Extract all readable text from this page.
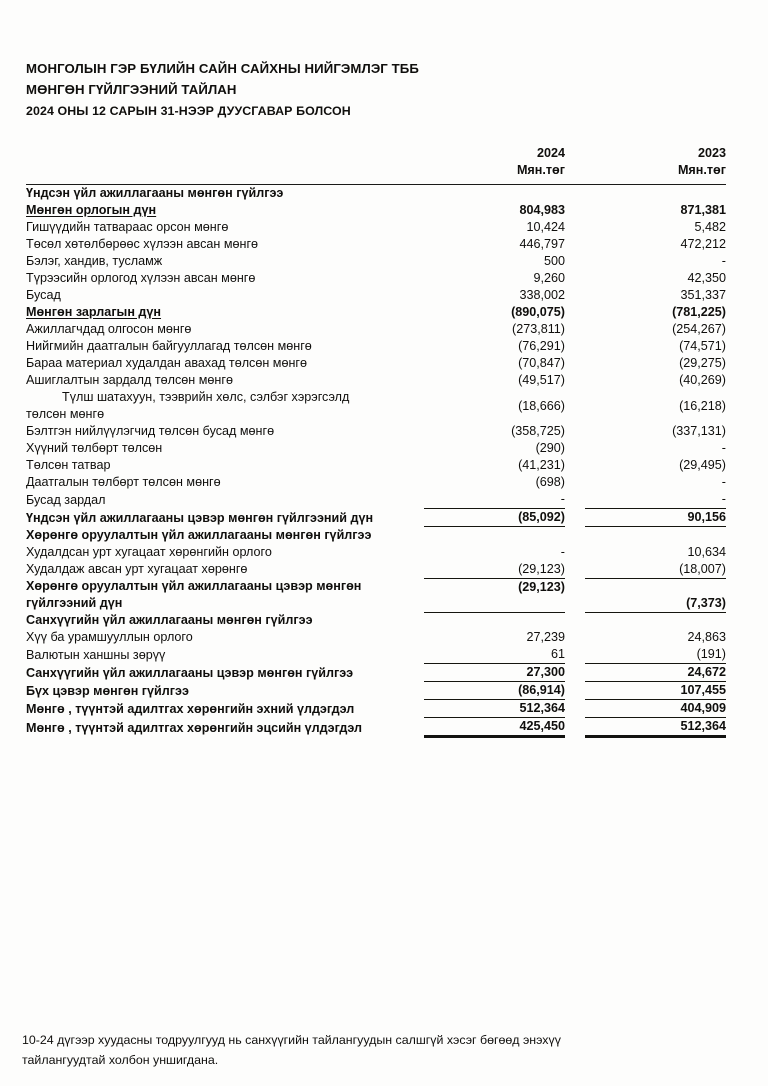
МОНГОЛЫН ГЭР БҮЛИЙН САЙН САЙХНЫ НИЙГЭМЛЭГ ТББ
МӨНГӨН ГҮЙЛГЭЭНИЙ ТАЙЛАН
2024 ОНЫ 12 САРЫН 31-НЭЭР ДУУСГАВАР БОЛСОН
	2024		2023
	Мян.төг		Мян.төг

Үндсэн үйл ажиллагааны мөнгөн гүйлгээ			
Мөнгөн орлогын дүн	804,983		871,381
Гишүүдийн татвараас орсон мөнгө	10,424		5,482
Төсөл хөтөлбөрөөс хүлээн авсан мөнгө	446,797		472,212
Бэлэг, хандив, тусламж	500		-
Түрээсийн орлогод хүлээн авсан мөнгө	9,260		42,350
Бусад	338,002		351,337
Мөнгөн зарлагын дүн	(890,075)		(781,225)
Ажиллагчдад олгосон мөнгө	(273,811)		(254,267)
Нийгмийн даатгалын байгууллагад төлсөн мөнгө	(76,291)		(74,571)
Бараа материал худалдан авахад төлсөн мөнгө	(70,847)		(29,275)
Ашиглалтын зардалд төлсөн мөнгө	(49,517)		(40,269)

Түлш шатахуун, тээврийн хөлс, сэлбэг хэрэгсэлд
төлсөн мөнгө	(18,666)		(16,218)
Бэлтгэн нийлүүлэгчид төлсөн бусад мөнгө	(358,725)		(337,131)
Хүүний төлбөрт төлсөн	(290)		-
Төлсөн татвар	(41,231)		(29,495)
Даатгалын төлбөрт төлсөн мөнгө	(698)		-
Бусад зардал	-		-
Үндсэн үйл ажиллагааны цэвэр мөнгөн гүйлгээний дүн	(85,092)		90,156
Хөрөнгө оруулалтын үйл ажиллагааны мөнгөн гүйлгээ			
Худалдсан урт хугацаат хөрөнгийн орлого	-		10,634
Худалдаж авсан урт хугацаат хөрөнгө	(29,123)		(18,007)

Хөрөнгө оруулалтын үйл ажиллагааны цэвэр мөнгөн
гүйлгээний дүн	(29,123)		(7,373)
Санхүүгийн үйл ажиллагааны мөнгөн гүйлгээ			
Хүү ба урамшууллын орлого	27,239		24,863
Валютын ханшны зөрүү	61		(191)
Санхүүгийн үйл ажиллагааны цэвэр мөнгөн гүйлгээ	27,300		24,672
Бүх цэвэр мөнгөн гүйлгээ	(86,914)		107,455
Мөнгө , түүнтэй адилтгах хөрөнгийн эхний үлдэгдэл	512,364		404,909
Мөнгө , түүнтэй адилтгах хөрөнгийн эцсийн үлдэгдэл	425,450		512,364
10-24 дүгээр хуудасны тодруулгууд нь санхүүгийн тайлангуудын салшгүй хэсэг бөгөөд энэхүү
тайлангуудтай холбон уншигдана.
